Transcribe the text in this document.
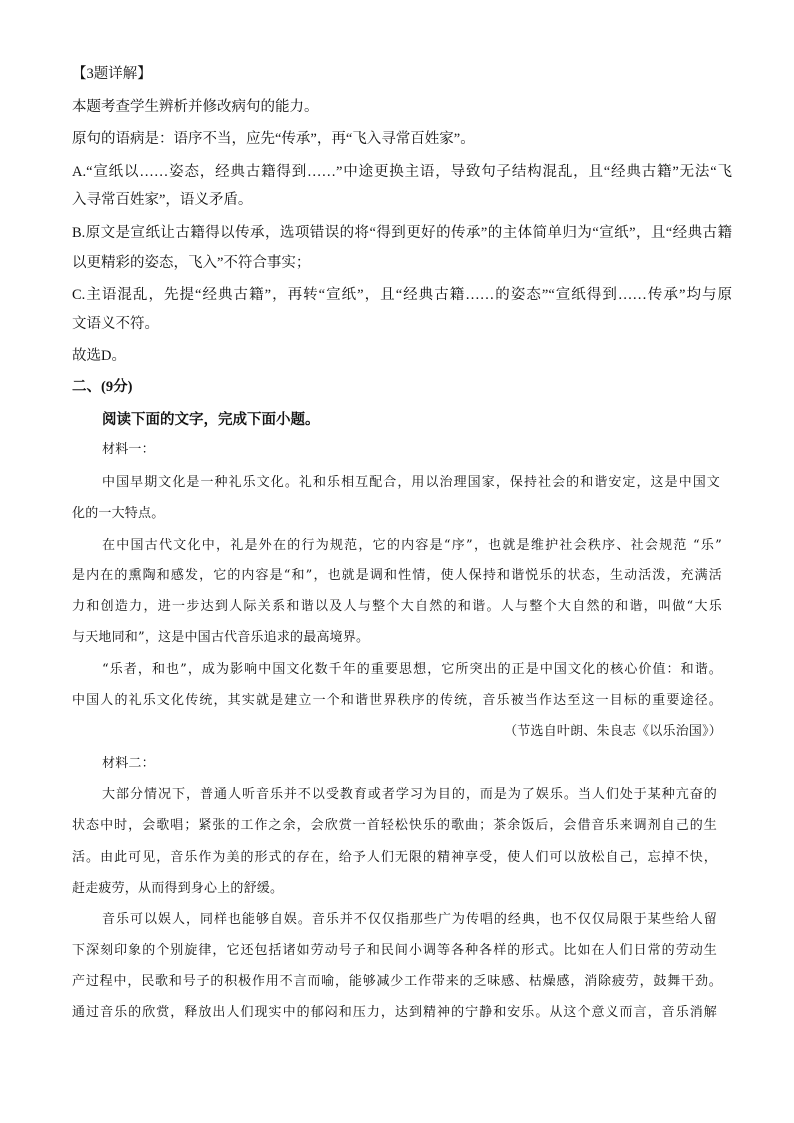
【3题详解】
本题考查学生辨析并修改病句的能力。
原句的语病是：语序不当，应先“传承”，再“飞入寻常百姓家”。
A.“宣纸以……姿态，经典古籍得到……”中途更换主语，导致句子结构混乱，且“经典古籍”无法“飞
入寻常百姓家”，语义矛盾。
B.原文是宣纸让古籍得以传承，选项错误的将“得到更好的传承”的主体简单归为“宣纸”，且“经典古籍
以更精彩的姿态，飞入”不符合事实；
C.主语混乱，先提“经典古籍”，再转“宣纸”，且“经典古籍……的姿态”“宣纸得到……传承”均与原
文语义不符。
故选D。
二、(9分)
阅读下面的文字，完成下面小题。
材料一：
中国早期文化是一种礼乐文化。礼和乐相互配合，用以治理国家，保持社会的和谐安定，这是中国文
化的一大特点。
在中国古代文化中，礼是外在的行为规范，它的内容是“序”，也就是维护社会秩序、社会规范 “乐”
是内在的熏陶和感发，它的内容是“和”，也就是调和性情，使人保持和谐悦乐的状态，生动活泼，充满活
力和创造力，进一步达到人际关系和谐以及人与整个大自然的和谐。人与整个大自然的和谐，叫做“大乐
与天地同和”，这是中国古代音乐追求的最高境界。
“乐者，和也”，成为影响中国文化数千年的重要思想，它所突出的正是中国文化的核心价值：和谐。
中国人的礼乐文化传统，其实就是建立一个和谐世界秩序的传统，音乐被当作达至这一目标的重要途径。
（节选自叶朗、朱良志《以乐治国》）
材料二：
大部分情况下，普通人听音乐并不以受教育或者学习为目的，而是为了娱乐。当人们处于某种亢奋的
状态中时，会歌唱；紧张的工作之余，会欣赏一首轻松快乐的歌曲；茶余饭后，会借音乐来调剂自己的生
活。由此可见，音乐作为美的形式的存在，给予人们无限的精神享受，使人们可以放松自己，忘掉不快，
赶走疲劳，从而得到身心上的舒缓。
音乐可以娱人，同样也能够自娱。音乐并不仅仅指那些广为传唱的经典，也不仅仅局限于某些给人留
下深刻印象的个别旋律，它还包括诸如劳动号子和民间小调等各种各样的形式。比如在人们日常的劳动生
产过程中，民歌和号子的积极作用不言而喻，能够减少工作带来的乏味感、枯燥感，消除疲劳，鼓舞干劲。
通过音乐的欣赏，释放出人们现实中的郁闷和压力，达到精神的宁静和安乐。从这个意义而言，音乐消解
